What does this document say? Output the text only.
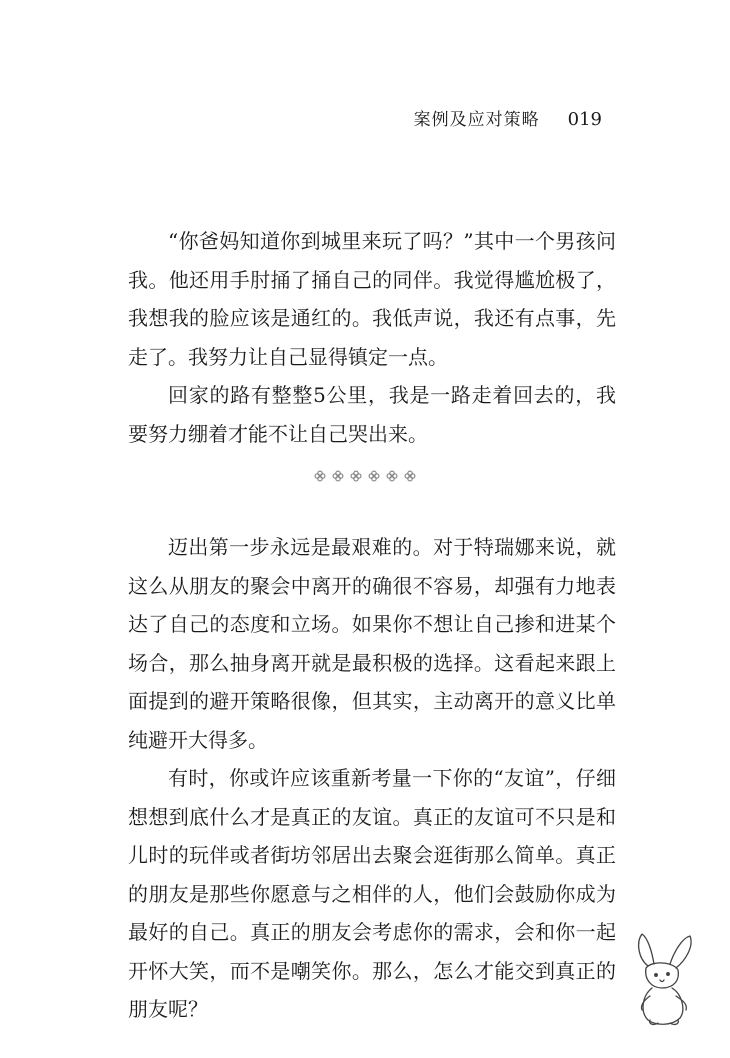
案例及应对策略 019

“你爸妈知道你到城里来玩了吗？”其中一个男孩问我。他还用手肘捅了捅自己的同伴。我觉得尴尬极了，我想我的脸应该是通红的。我低声说，我还有点事，先走了。我努力让自己显得镇定一点。

回家的路有整整5公里，我是一路走着回去的，我要努力绷着才能不让自己哭出来。

迈出第一步永远是最艰难的。对于特瑞娜来说，就这么从朋友的聚会中离开的确很不容易，却强有力地表达了自己的态度和立场。如果你不想让自己掺和进某个场合，那么抽身离开就是最积极的选择。这看起来跟上面提到的避开策略很像，但其实，主动离开的意义比单纯避开大得多。

有时，你或许应该重新考量一下你的“友谊”，仔细想想到底什么才是真正的友谊。真正的友谊可不只是和儿时的玩伴或者街坊邻居出去聚会逛街那么简单。真正的朋友是那些你愿意与之相伴的人，他们会鼓励你成为最好的自己。真正的朋友会考虑你的需求，会和你一起开怀大笑，而不是嘲笑你。那么，怎么才能交到真正的朋友呢？
